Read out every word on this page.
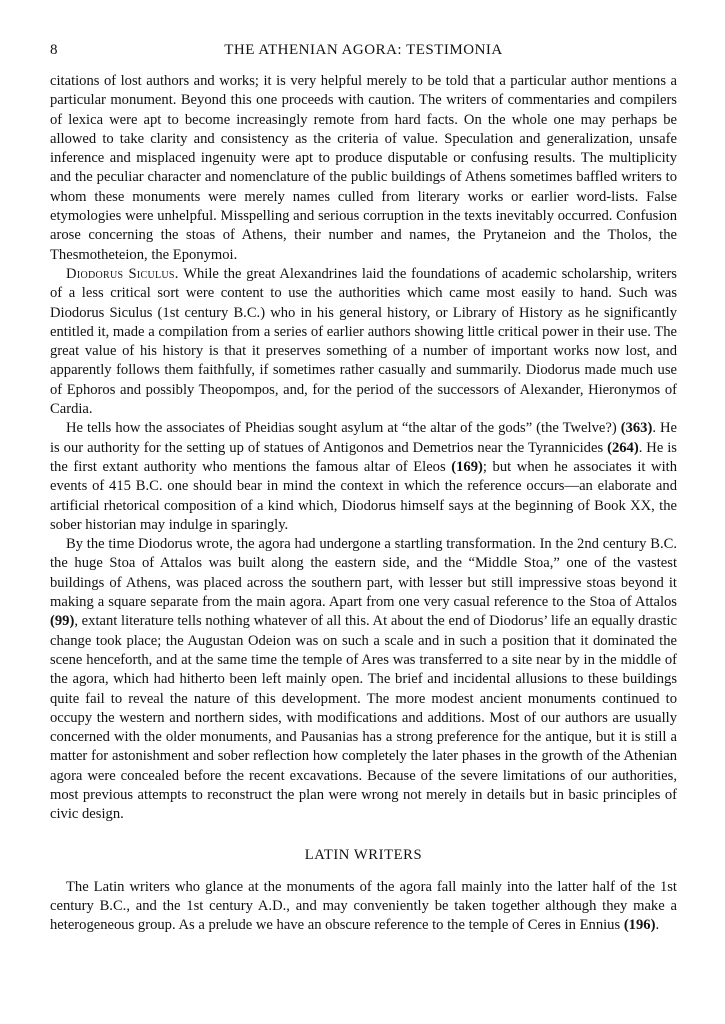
8	THE ATHENIAN AGORA: TESTIMONIA

citations of lost authors and works; it is very helpful merely to be told that a particular author mentions a particular monument. Beyond this one proceeds with caution. The writers of commentaries and compilers of lexica were apt to become increasingly remote from hard facts. On the whole one may perhaps be allowed to take clarity and consistency as the criteria of value. Speculation and generalization, unsafe inference and misplaced ingenuity were apt to produce disputable or confusing results. The multiplicity and the peculiar character and nomenclature of the public buildings of Athens sometimes baffled writers to whom these monuments were merely names culled from literary works or earlier word-lists. False etymologies were unhelpful. Misspelling and serious corruption in the texts inevitably occurred. Confusion arose concerning the stoas of Athens, their number and names, the Prytaneion and the Tholos, the Thesmotheteion, the Eponymoi.

Diodorus Siculus. While the great Alexandrines laid the foundations of academic scholarship, writers of a less critical sort were content to use the authorities which came most easily to hand. Such was Diodorus Siculus (1st century B.C.) who in his general history, or Library of History as he significantly entitled it, made a compilation from a series of earlier authors showing little critical power in their use. The great value of his history is that it preserves something of a number of important works now lost, and apparently follows them faithfully, if sometimes rather casually and summarily. Diodorus made much use of Ephoros and possibly Theopompos, and, for the period of the successors of Alexander, Hieronymos of Cardia.

He tells how the associates of Pheidias sought asylum at “the altar of the gods” (the Twelve?) (363). He is our authority for the setting up of statues of Antigonos and Demetrios near the Tyrannicides (264). He is the first extant authority who mentions the famous altar of Eleos (169); but when he associates it with events of 415 B.C. one should bear in mind the context in which the reference occurs—an elaborate and artificial rhetorical composition of a kind which, Diodorus himself says at the beginning of Book XX, the sober historian may indulge in sparingly.

By the time Diodorus wrote, the agora had undergone a startling transformation. In the 2nd century B.C. the huge Stoa of Attalos was built along the eastern side, and the “Middle Stoa,” one of the vastest buildings of Athens, was placed across the southern part, with lesser but still impressive stoas beyond it making a square separate from the main agora. Apart from one very casual reference to the Stoa of Attalos (99), extant literature tells nothing whatever of all this. At about the end of Diodorus’ life an equally drastic change took place; the Augustan Odeion was on such a scale and in such a position that it dominated the scene henceforth, and at the same time the temple of Ares was transferred to a site near by in the middle of the agora, which had hitherto been left mainly open. The brief and incidental allusions to these buildings quite fail to reveal the nature of this development. The more modest ancient monuments continued to occupy the western and northern sides, with modifications and additions. Most of our authors are usually concerned with the older monuments, and Pausanias has a strong preference for the antique, but it is still a matter for astonishment and sober reflection how completely the later phases in the growth of the Athenian agora were concealed before the recent excavations. Because of the severe limitations of our authorities, most previous attempts to reconstruct the plan were wrong not merely in details but in basic principles of civic design.

LATIN WRITERS

The Latin writers who glance at the monuments of the agora fall mainly into the latter half of the 1st century B.C., and the 1st century A.D., and may conveniently be taken together although they make a heterogeneous group. As a prelude we have an obscure reference to the temple of Ceres in Ennius (196).
